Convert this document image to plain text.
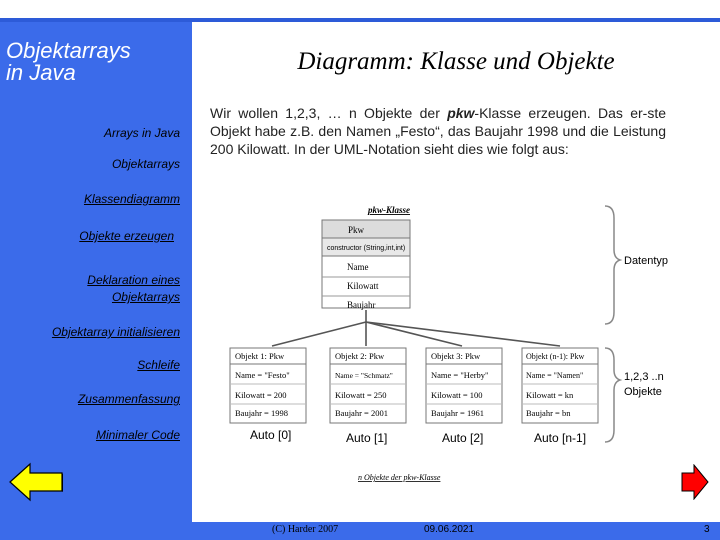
Objektarrays
in Java
Arrays in Java
Objektarrays
Klassendiagramm
Objekte erzeugen
Deklaration eines
Objektarrays
Objektarray initialisieren
Schleife
Zusammenfassung
Minimaler Code
Diagramm: Klasse und Objekte

Wir wollen 1,2,3, … n Objekte der pkw-Klasse erzeugen. Das er-ste Objekt habe z.B. den Namen „Festo“, das Baujahr 1998 und die Leistung 200 Kilowatt. In der UML-Notation sieht dies wie folgt aus:

pkw-Klasse
Pkw
constructor (String,int,int)
Name
Kilowatt
Baujahr
Datentyp
Objekt 1: Pkw
Name = "Festo"
Kilowatt = 200
Baujahr = 1998
Auto [0]
Objekt 2: Pkw
Name = "Schmatz"
Kilowatt = 250
Baujahr = 2001
Auto [1]
Objekt 3: Pkw
Name = "Herby"
Kilowatt = 100
Baujahr = 1961
Auto [2]
Objekt (n-1): Pkw
Name = "Namen"
Kilowatt = kn
Baujahr = bn
Auto [n-1]
1,2,3 ..n
Objekte
n Objekte der pkw-Klasse
(C) Harder 2007	09.06.2021	3
